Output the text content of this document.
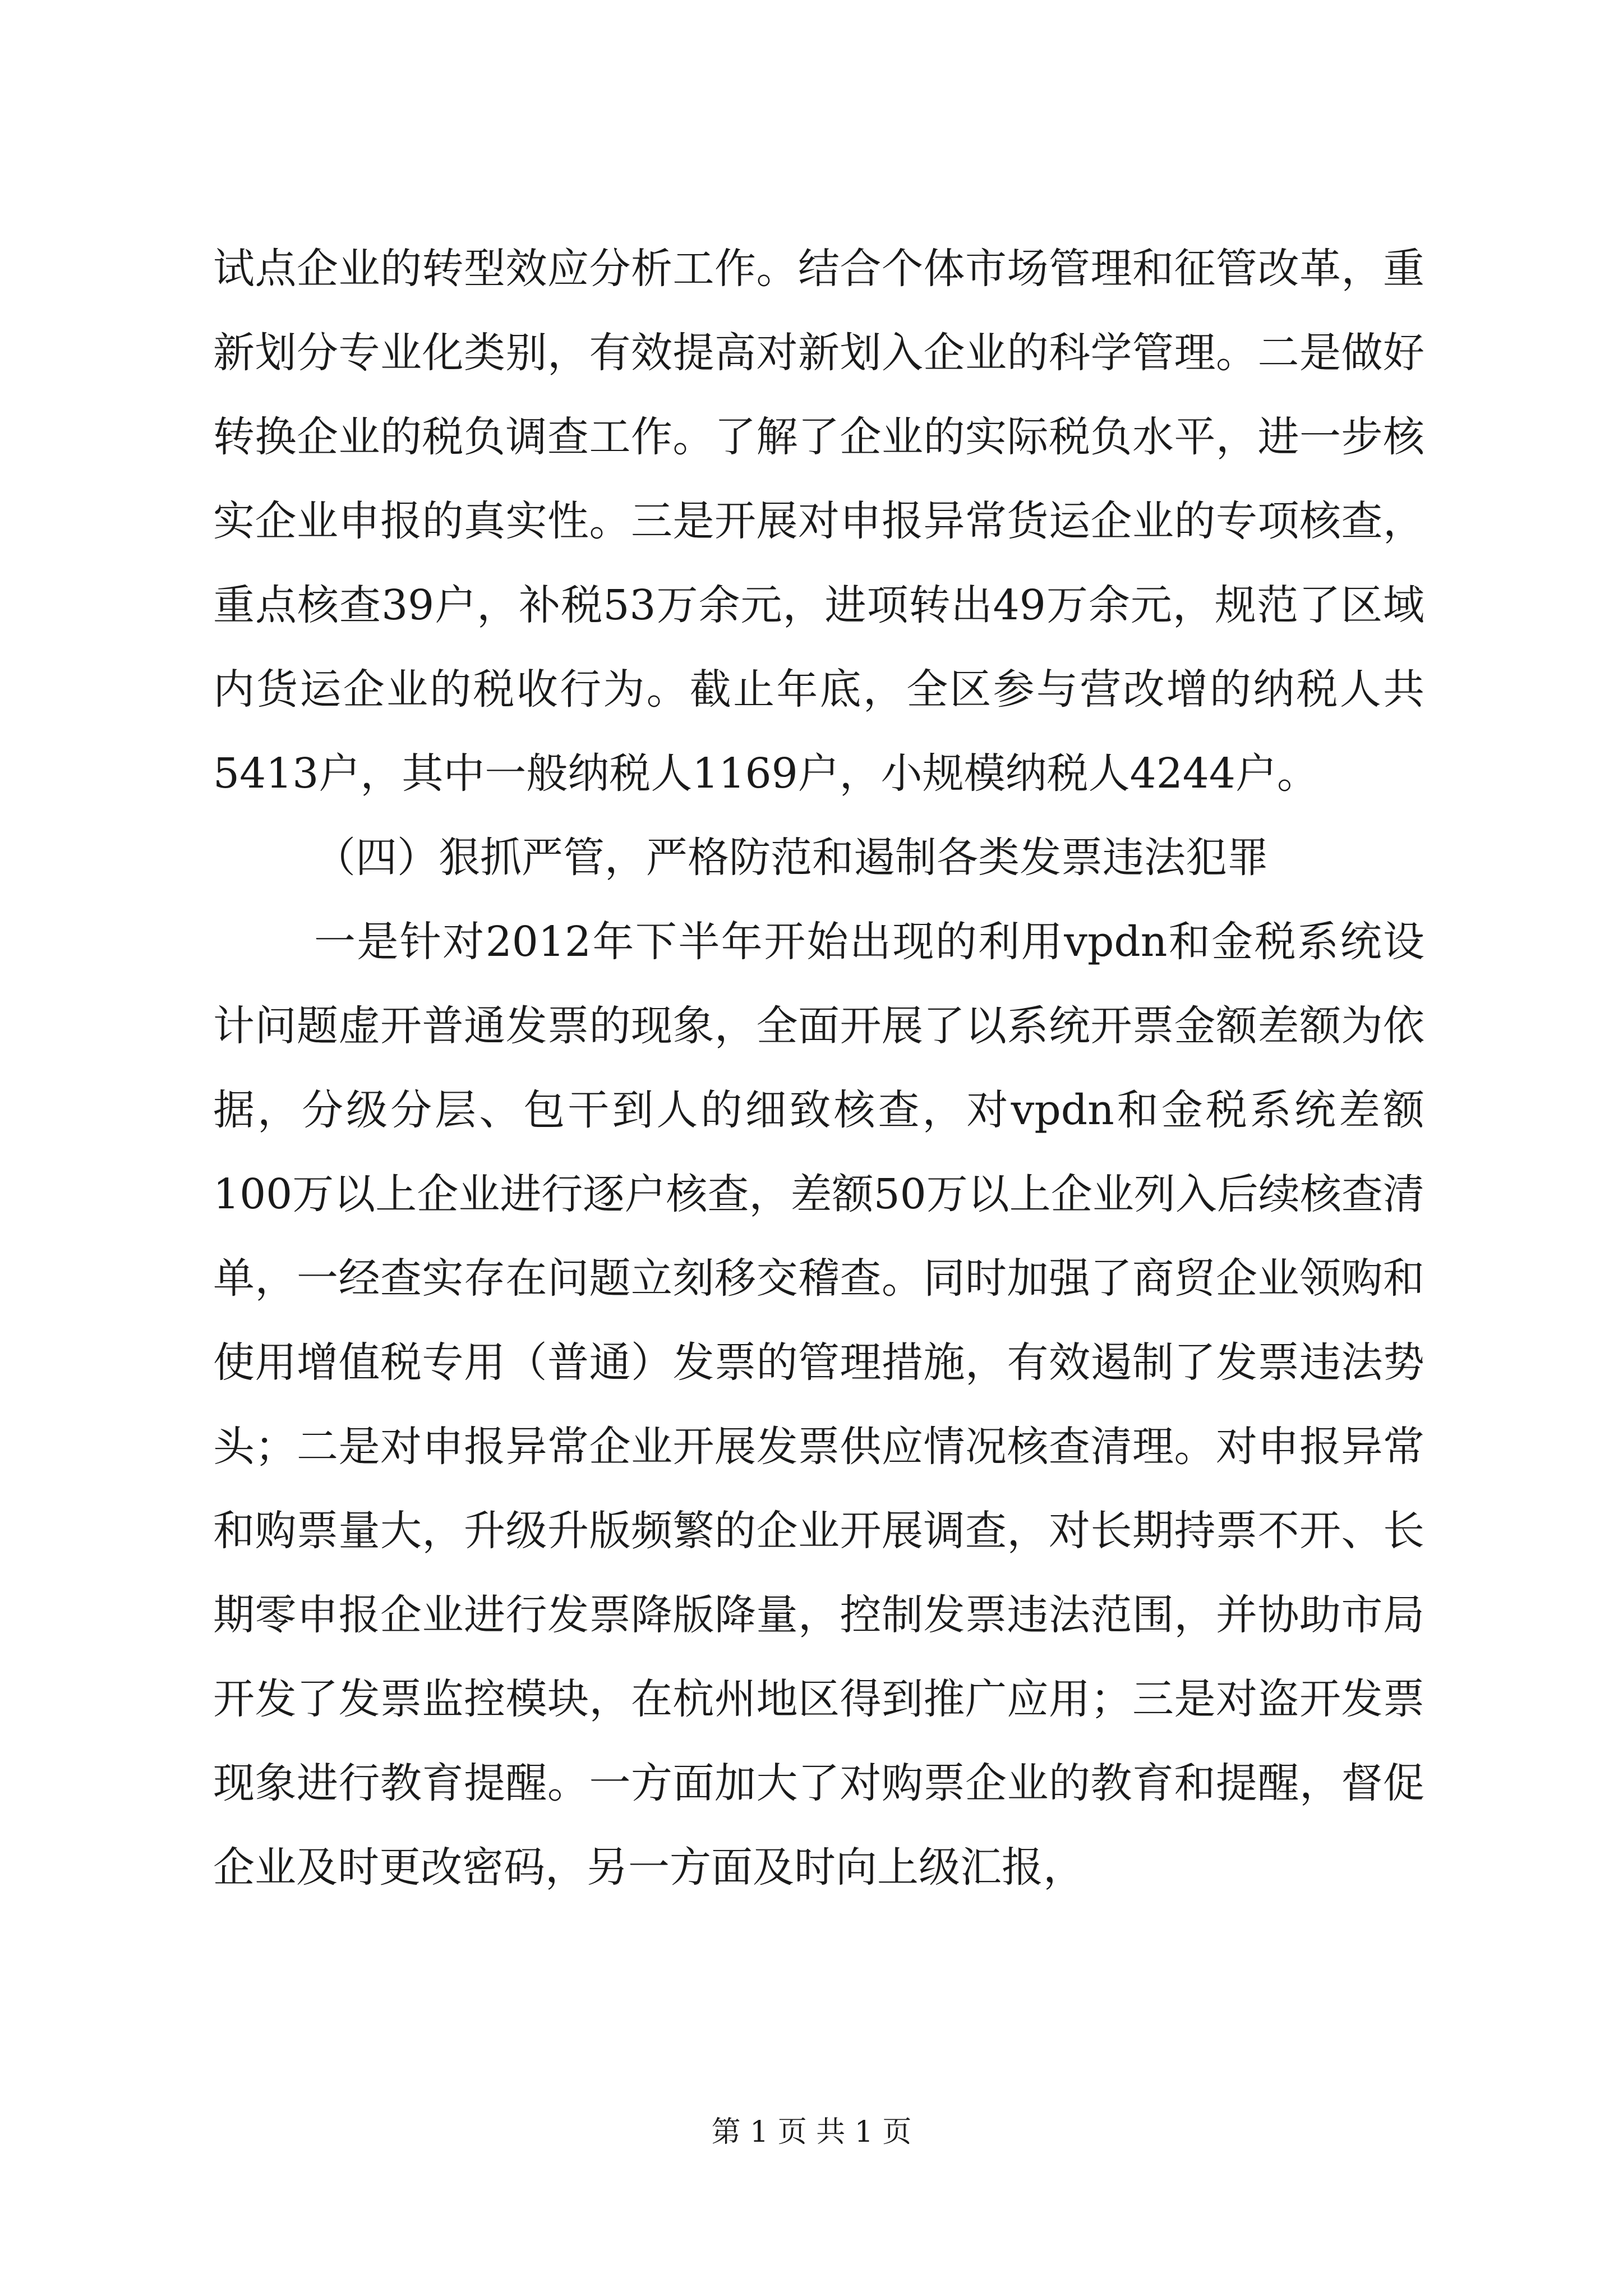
试点企业的转型效应分析工作。结合个体市场管理和征管改革，重新划分专业化类别，有效提高对新划入企业的科学管理。二是做好转换企业的税负调查工作。了解了企业的实际税负水平，进一步核实企业申报的真实性。三是开展对申报异常货运企业的专项核查，重点核查39户，补税53万余元，进项转出49万余元，规范了区域内货运企业的税收行为。截止年底，全区参与营改增的纳税人共5413户，其中一般纳税人1169户，小规模纳税人4244户。

（四）狠抓严管，严格防范和遏制各类发票违法犯罪

一是针对2012年下半年开始出现的利用vpdn和金税系统设计问题虚开普通发票的现象，全面开展了以系统开票金额差额为依据，分级分层、包干到人的细致核查，对vpdn和金税系统差额100万以上企业进行逐户核查，差额50万以上企业列入后续核查清单，一经查实存在问题立刻移交稽查。同时加强了商贸企业领购和使用增值税专用（普通）发票的管理措施，有效遏制了发票违法势头；二是对申报异常企业开展发票供应情况核查清理。对申报异常和购票量大，升级升版频繁的企业开展调查，对长期持票不开、长期零申报企业进行发票降版降量，控制发票违法范围，并协助市局开发了发票监控模块，在杭州地区得到推广应用；三是对盗开发票现象进行教育提醒。一方面加大了对购票企业的教育和提醒，督促企业及时更改密码，另一方面及时向上级汇报，

第 1 页 共 1 页
